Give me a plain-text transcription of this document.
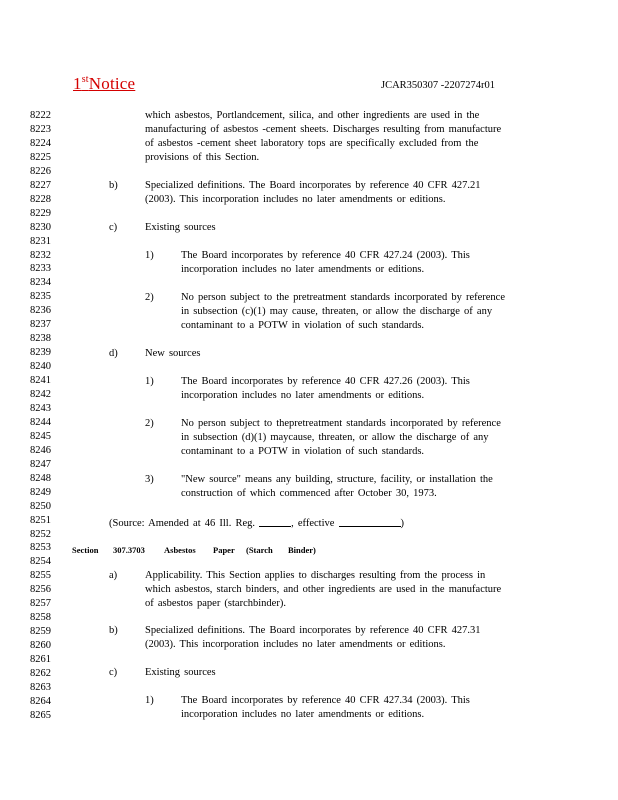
1stNotice	JCAR350307 -2207274r01
8222
8223
8224
8225
8226
8227
8228
8229
8230
8231
8232
8233
8234
8235
8236
8237
8238
8239
8240
8241
8242
8243
8244
8245
8246
8247
8248
8249
8250
8251
8252
8253
8254
8255
8256
8257
8258
8259
8260
8261
8262
8263
8264
8265
which asbestos, Portlandcement, silica, and other ingredients are used in the
manufacturing of asbestos -cement sheets. Discharges resulting from manufacture
of asbestos -cement sheet laboratory tops are specifically excluded from the
provisions of this Section.
b)	Specialized definitions. The Board incorporates by reference 40 CFR 427.21
(2003). This incorporation includes no later amendments or editions.
c)	Existing sources
1)	The Board incorporates by reference 40 CFR 427.24 (2003). This
incorporation includes no later amendments or editions.
2)	No person subject to the pretreatment standards incorporated by reference
in subsection (c)(1) may cause, threaten, or allow the discharge of any
contaminant to a POTW in violation of such standards.
d)	New sources
1)	The Board incorporates by reference 40 CFR 427.26 (2003). This
incorporation includes no later amendments or editions.
2)	No person subject to thepretreatment standards incorporated by reference
in subsection (d)(1) maycause, threaten, or allow the discharge of any
contaminant to a POTW in violation of such standards.
3)	"New source" means any building, structure, facility, or installation the
construction of which commenced after October 30, 1973.
(Source: Amended at 46 Ill. Reg.	, effective	)
Section 307.3703 Asbestos Paper (Starch Binder)
a)	Applicability. This Section applies to discharges resulting from the process in
which asbestos, starch binders, and other ingredients are used in the manufacture
of asbestos paper (starchbinder).
b)	Specialized definitions. The Board incorporates by reference 40 CFR 427.31
(2003). This incorporation includes no later amendments or editions.
c)	Existing sources
1)	The Board incorporates by reference 40 CFR 427.34 (2003). This
incorporation includes no later amendments or editions.
